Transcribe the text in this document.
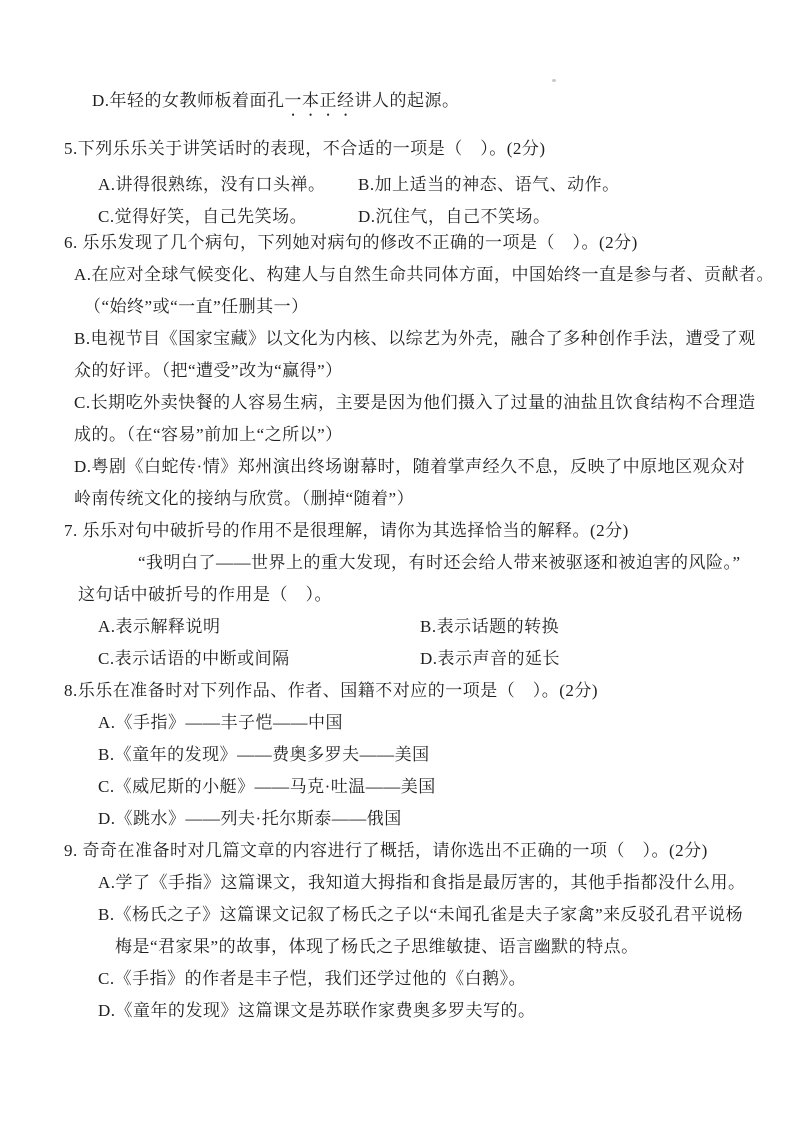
D.年轻的女教师板着面孔一本正经讲人的起源。
5.下列乐乐关于讲笑话时的表现，不合适的一项是（　）。(2分)
A.讲得很熟练，没有口头禅。 B.加上适当的神态、语气、动作。
C.觉得好笑，自己先笑场。	D.沉住气，自己不笑场。
6. 乐乐发现了几个病句，下列她对病句的修改不正确的一项是（　）。(2分)
A.在应对全球气候变化、构建人与自然生命共同体方面，中国始终一直是参与者、贡献者。
（“始终”或“一直”任删其一）
B.电视节目《国家宝藏》以文化为内核、以综艺为外壳，融合了多种创作手法，遭受了观
众的好评。（把“遭受”改为“赢得”）
C.长期吃外卖快餐的人容易生病，主要是因为他们摄入了过量的油盐且饮食结构不合理造
成的。（在“容易”前加上“之所以”）
D.粤剧《白蛇传·情》郑州演出终场谢幕时，随着掌声经久不息，反映了中原地区观众对
岭南传统文化的接纳与欣赏。（删掉“随着”）
7. 乐乐对句中破折号的作用不是很理解，请你为其选择恰当的解释。(2分)
“我明白了——世界上的重大发现，有时还会给人带来被驱逐和被迫害的风险。”
这句话中破折号的作用是（　）。
A.表示解释说明	B.表示话题的转换
C.表示话语的中断或间隔	D.表示声音的延长
8.乐乐在准备时对下列作品、作者、国籍不对应的一项是（　）。(2分)
A.《手指》——丰子恺——中国
B.《童年的发现》——费奥多罗夫——美国
C.《威尼斯的小艇》——马克·吐温——美国
D.《跳水》——列夫·托尔斯泰——俄国
9. 奇奇在准备时对几篇文章的内容进行了概括，请你选出不正确的一项（　）。(2分)
A.学了《手指》这篇课文，我知道大拇指和食指是最厉害的，其他手指都没什么用。
B.《杨氏之子》这篇课文记叙了杨氏之子以“未闻孔雀是夫子家禽”来反驳孔君平说杨
梅是“君家果”的故事，体现了杨氏之子思维敏捷、语言幽默的特点。
C.《手指》的作者是丰子恺，我们还学过他的《白鹅》。
D.《童年的发现》这篇课文是苏联作家费奥多罗夫写的。
